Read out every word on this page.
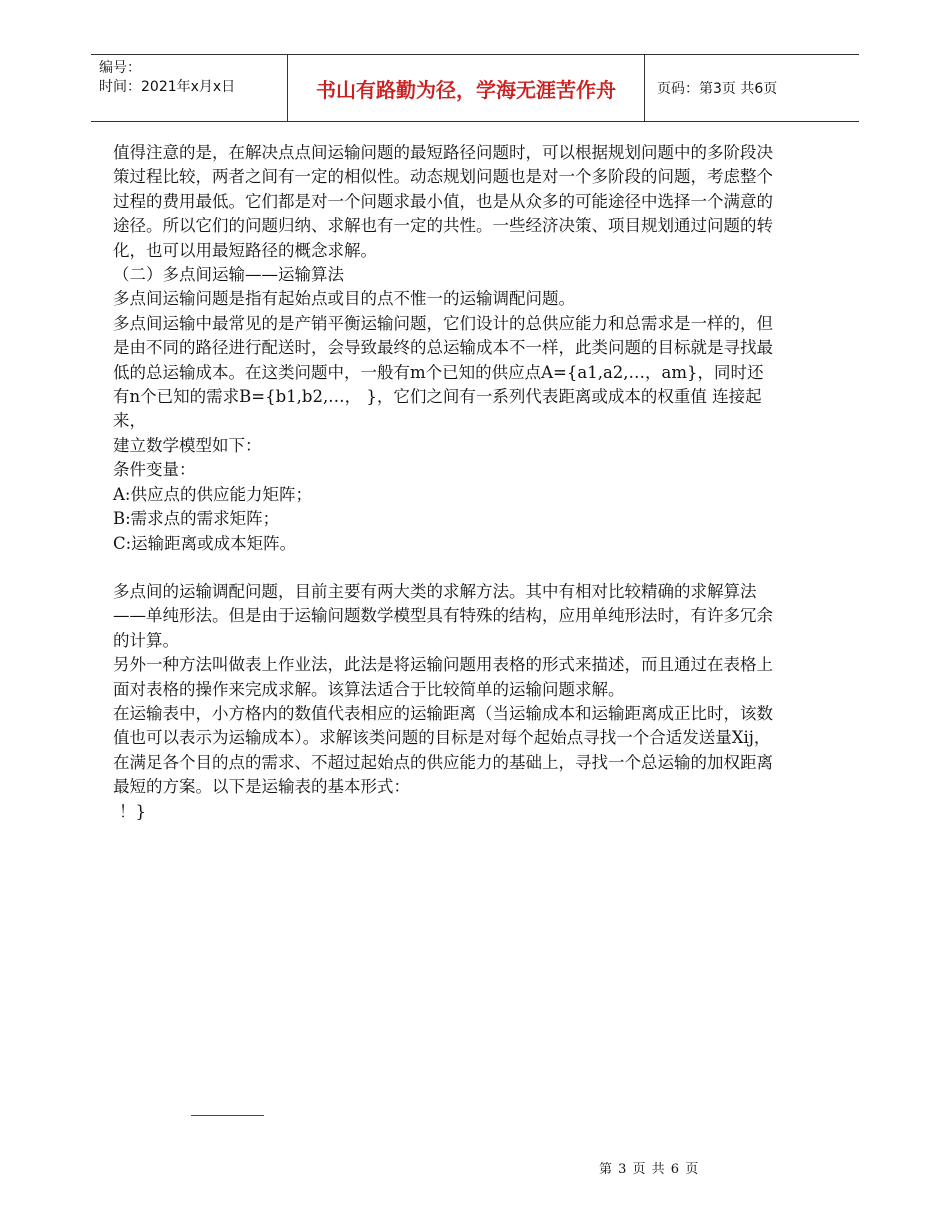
编号：
时间：2021年x月x日	书山有路勤为径，学海无涯苦作舟	页码：第3页 共6页

值得注意的是，在解决点点间运输问题的最短路径问题时，可以根据规划问题中的多阶段决策过程比较，两者之间有一定的相似性。动态规划问题也是对一个多阶段的问题，考虑整个过程的费用最低。它们都是对一个问题求最小值，也是从众多的可能途径中选择一个满意的途径。所以它们的问题归纳、求解也有一定的共性。一些经济决策、项目规划通过问题的转化，也可以用最短路径的概念求解。

（二）多点间运输——运输算法

多点间运输问题是指有起始点或目的点不惟一的运输调配问题。

多点间运输中最常见的是产销平衡运输问题，它们设计的总供应能力和总需求是一样的，但是由不同的路径进行配送时，会导致最终的总运输成本不一样，此类问题的目标就是寻找最低的总运输成本。在这类问题中，一般有m个已知的供应点A={a1,a2,…，am}，同时还有n个已知的需求B={b1,b2,…， }，它们之间有一系列代表距离或成本的权重值 连接起来，

建立数学模型如下：

条件变量：

A:供应点的供应能力矩阵；

B:需求点的需求矩阵；

C:运输距离或成本矩阵。

多点间的运输调配问题，目前主要有两大类的求解方法。其中有相对比较精确的求解算法——单纯形法。但是由于运输问题数学模型具有特殊的结构，应用单纯形法时，有许多冗余的计算。

另外一种方法叫做表上作业法，此法是将运输问题用表格的形式来描述，而且通过在表格上面对表格的操作来完成求解。该算法适合于比较简单的运输问题求解。

在运输表中，小方格内的数值代表相应的运输距离（当运输成本和运输距离成正比时，该数值也可以表示为运输成本）。求解该类问题的目标是对每个起始点寻找一个合适发送量Xij，在满足各个目的点的需求、不超过起始点的供应能力的基础上，寻找一个总运输的加权距离最短的方案。以下是运输表的基本形式：

！}

第 3 页 共 6 页
